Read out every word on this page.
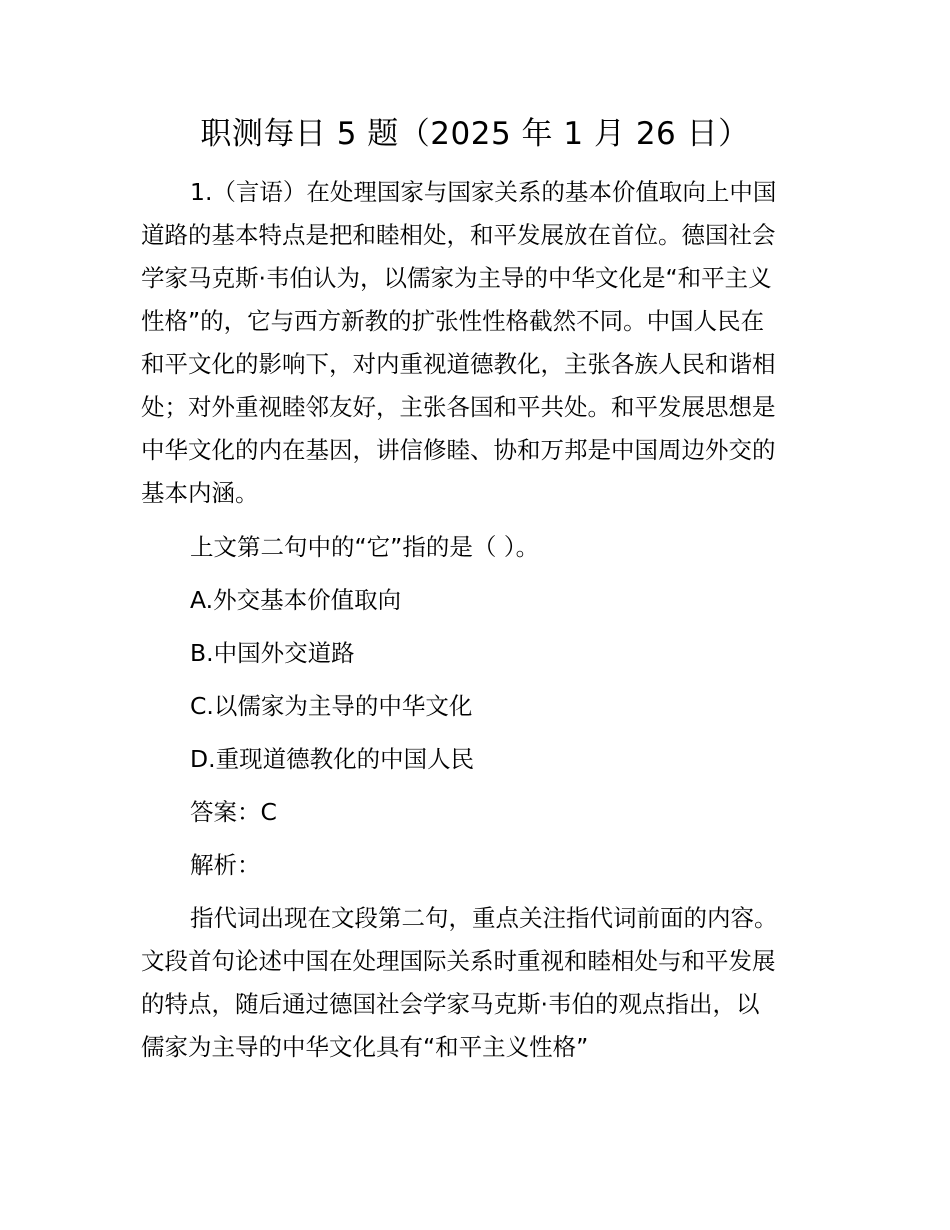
职测每日 5 题（2025 年 1 月 26 日）
1.（言语）在处理国家与国家关系的基本价值取向上中国
道路的基本特点是把和睦相处，和平发展放在首位。德国社会
学家马克斯·韦伯认为，以儒家为主导的中华文化是“和平主义
性格”的，它与西方新教的扩张性性格截然不同。中国人民在
和平文化的影响下，对内重视道德教化，主张各族人民和谐相
处；对外重视睦邻友好，主张各国和平共处。和平发展思想是
中华文化的内在基因，讲信修睦、协和万邦是中国周边外交的
基本内涵。
上文第二句中的“它”指的是（ ）。
A.外交基本价值取向
B.中国外交道路
C.以儒家为主导的中华文化
D.重现道德教化的中国人民
答案：C
解析：
指代词出现在文段第二句，重点关注指代词前面的内容。
文段首句论述中国在处理国际关系时重视和睦相处与和平发展
的特点，随后通过德国社会学家马克斯·韦伯的观点指出，以
儒家为主导的中华文化具有“和平主义性格”
